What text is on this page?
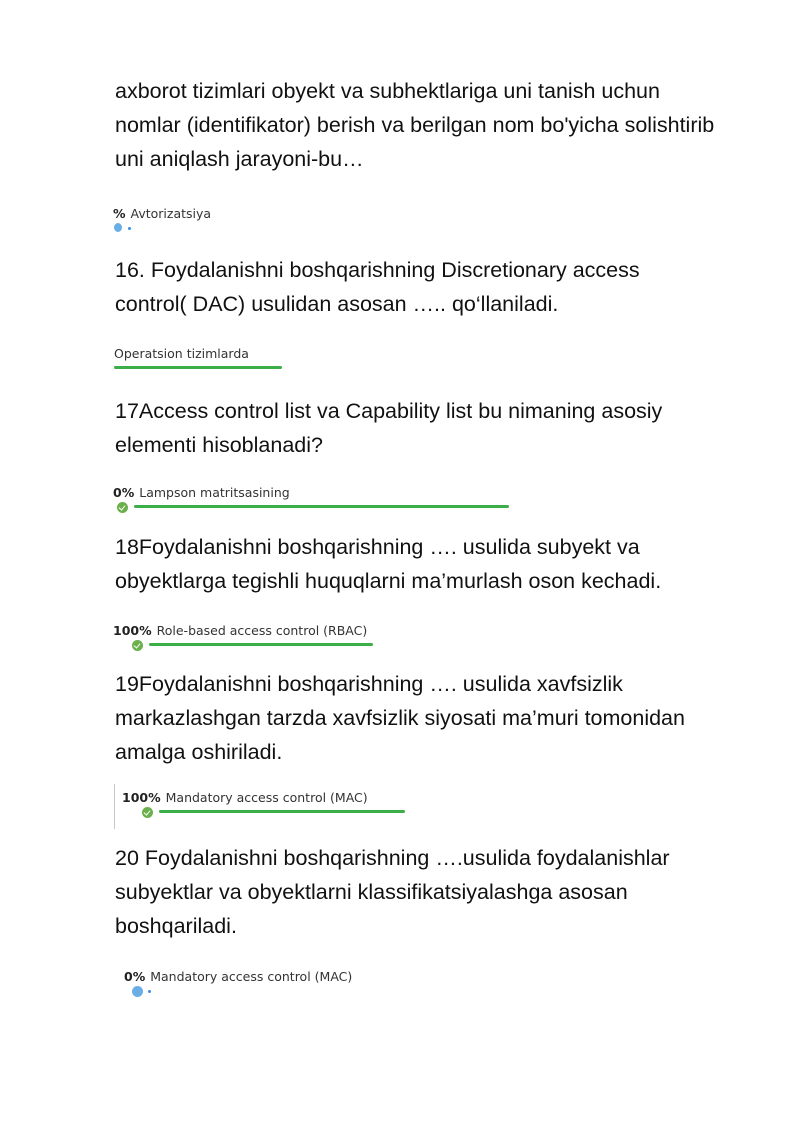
axborot tizimlari obyekt va subhektlariga uni tanish uchun nomlar (identifikator) berish va berilgan nom bo'yicha solishtirib uni aniqlash jarayoni-bu…
% Avtorizatsiya
16. Foydalanishni boshqarishning Discretionary access control( DAC) usulidan asosan ….. qo‘llaniladi.
Operatsion tizimlarda
17Access control list va Capability list bu nimaning asosiy elementi hisoblanadi?
0% Lampson matritsasining
18Foydalanishni boshqarishning …. usulida subyekt va obyektlarga tegishli huquqlarni ma’murlash oson kechadi.
100% Role-based access control (RBAC)
19Foydalanishni boshqarishning …. usulida xavfsizlik markazlashgan tarzda xavfsizlik siyosati ma’muri tomonidan amalga oshiriladi.
100% Mandatory access control (MAC)
20 Foydalanishni boshqarishning ….usulida foydalanishlar subyektlar va obyektlarni klassifikatsiyalashga asosan boshqariladi.
0% Mandatory access control (MAC)
